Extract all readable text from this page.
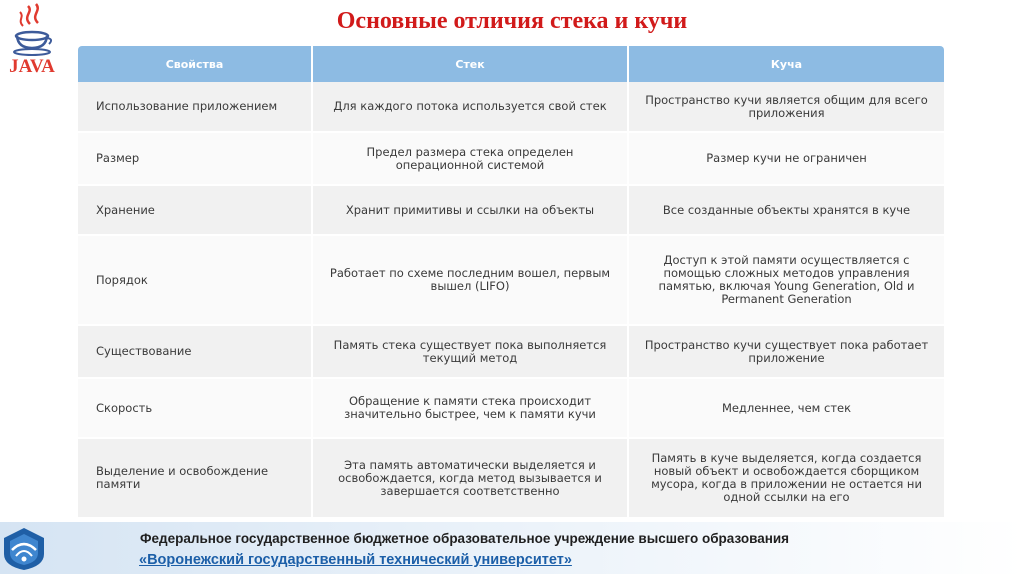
JAVA
Основные отличия стека и кучи
Свойства	Стек	Куча
Использование приложением	Для каждого потока используется свой стек	Пространство кучи является общим для всего приложения
Размер	Предел размера стека определен операционной системой	Размер кучи не ограничен
Хранение	Хранит примитивы и ссылки на объекты	Все созданные объекты хранятся в куче
Порядок	Работает по схеме последним вошел, первым вышел (LIFO)	Доступ к этой памяти осуществляется с помощью сложных методов управления памятью, включая Young Generation, Old и Permanent Generation
Существование	Память стека существует пока выполняется текущий метод	Пространство кучи существует пока работает приложение
Скорость	Обращение к памяти стека происходит значительно быстрее, чем к памяти кучи	Медленнее, чем стек
Выделение и освобождение памяти	Эта память автоматически выделяется и освобождается, когда метод вызывается и завершается соответственно	Память в куче выделяется, когда создается новый объект и освобождается сборщиком мусора, когда в приложении не остается ни одной ссылки на его
Федеральное государственное бюджетное образовательное учреждение высшего образования
«Воронежский государственный технический университет»
